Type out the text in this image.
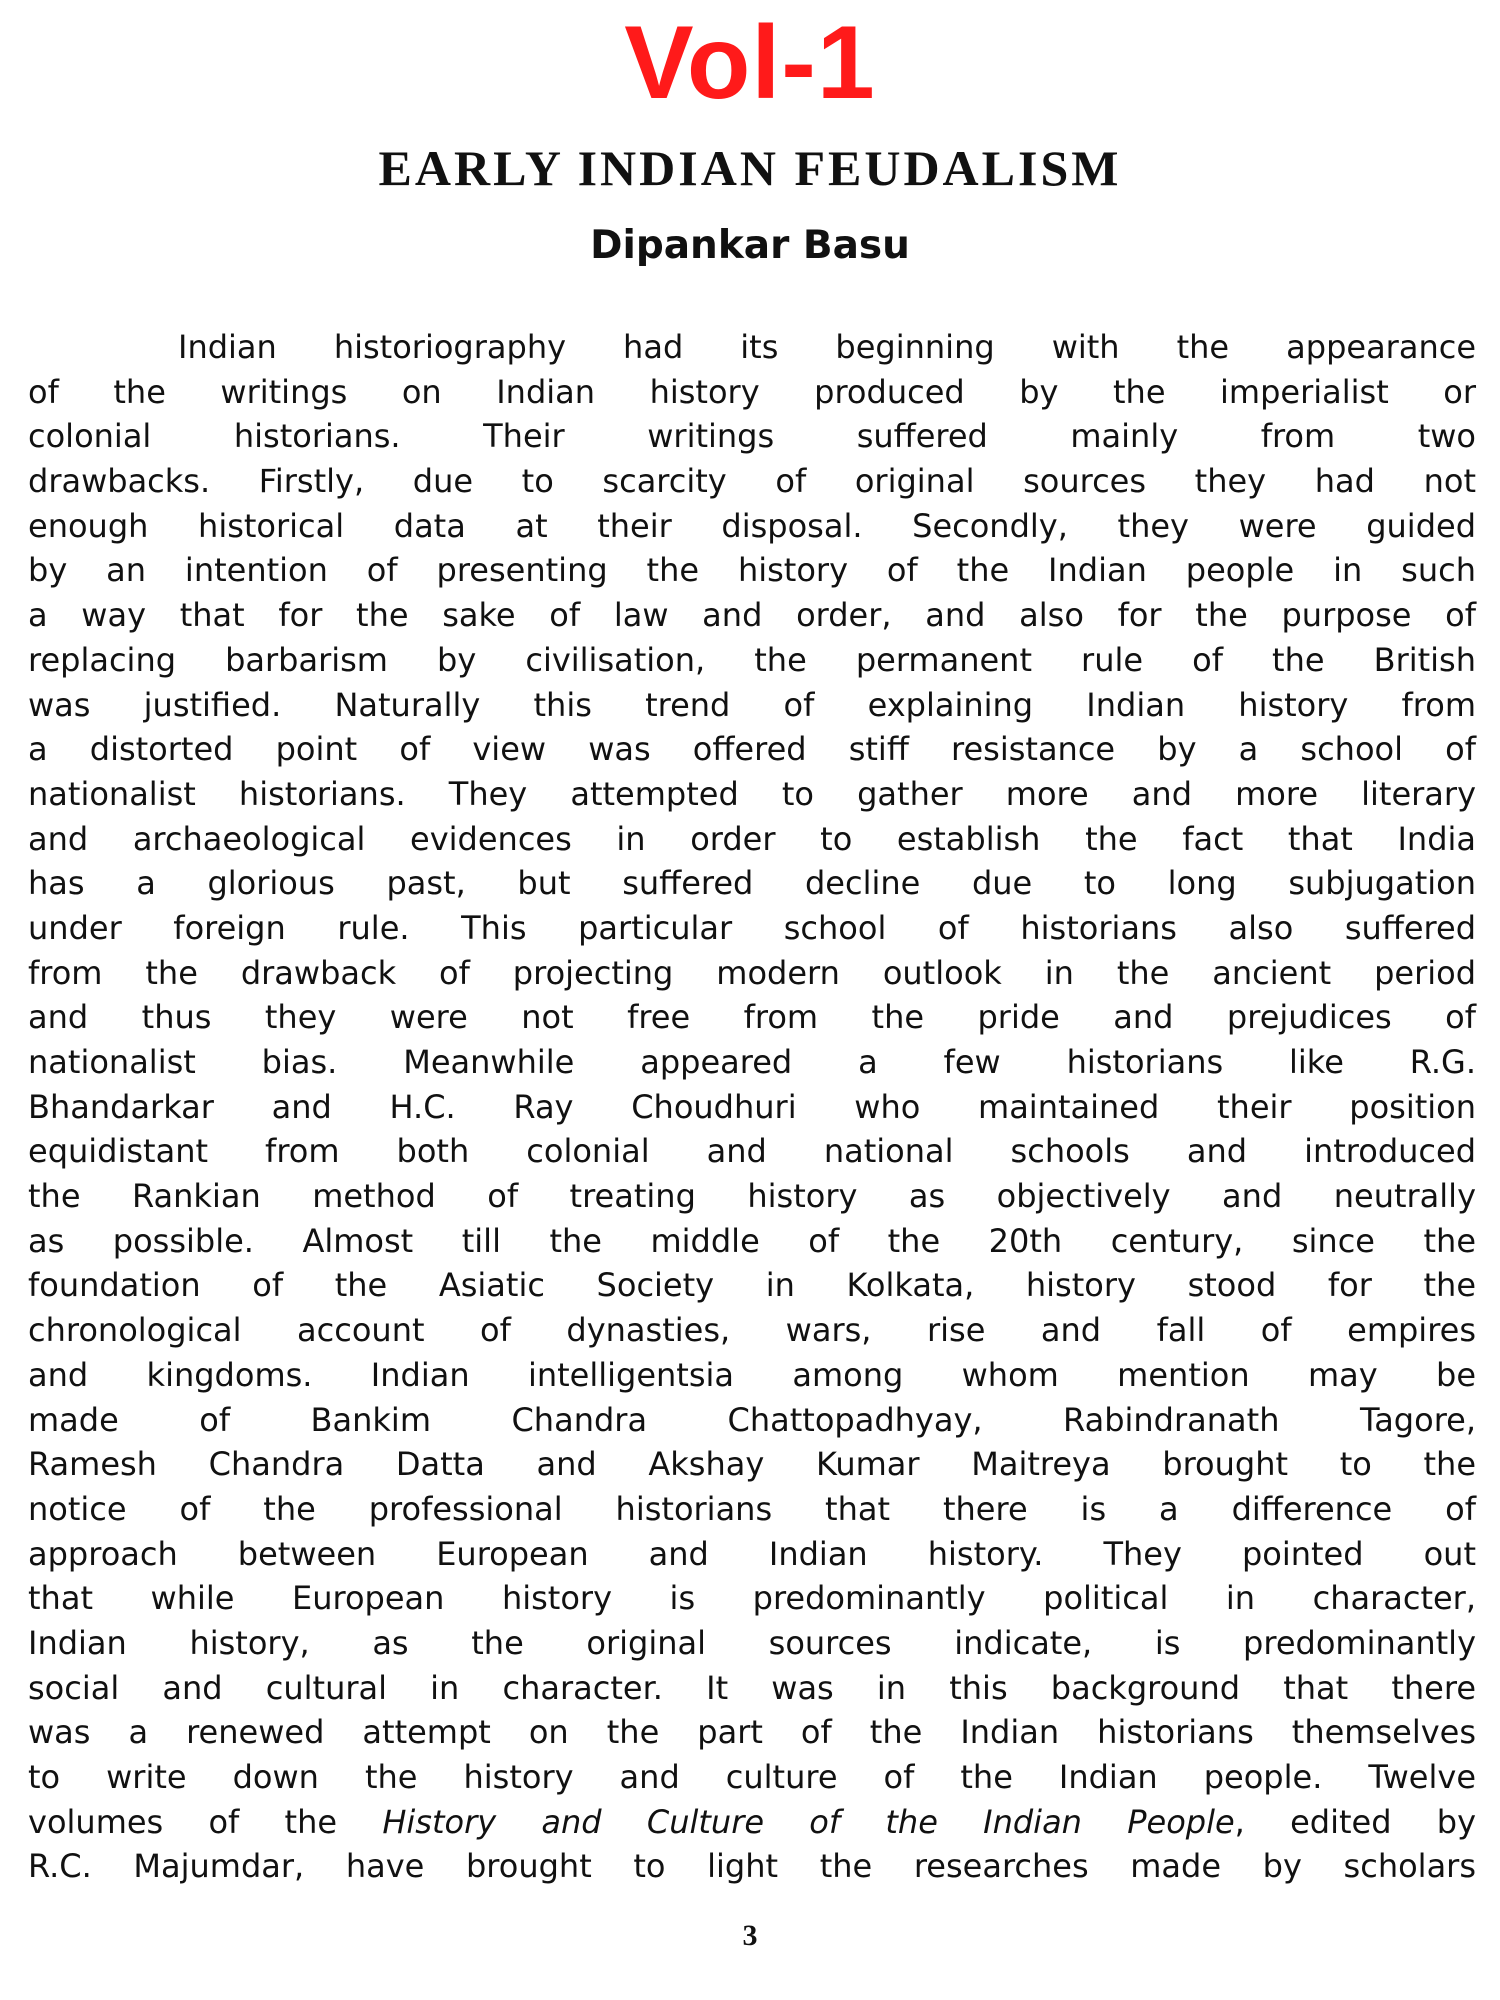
Vol-1
EARLY INDIAN FEUDALISM
Dipankar Basu
Indian historiography had its beginning with the appearance
of the writings on Indian history produced by the imperialist or
colonial historians. Their writings suffered mainly from two
drawbacks. Firstly, due to scarcity of original sources they had not
enough historical data at their disposal. Secondly, they were guided
by an intention of presenting the history of the Indian people in such
a way that for the sake of law and order, and also for the purpose of
replacing barbarism by civilisation, the permanent rule of the British
was justified. Naturally this trend of explaining Indian history from
a distorted point of view was offered stiff resistance by a school of
nationalist historians. They attempted to gather more and more literary
and archaeological evidences in order to establish the fact that India
has a glorious past, but suffered decline due to long subjugation
under foreign rule. This particular school of historians also suffered
from the drawback of projecting modern outlook in the ancient period
and thus they were not free from the pride and prejudices of
nationalist bias. Meanwhile appeared a few historians like R.G.
Bhandarkar and H.C. Ray Choudhuri who maintained their position
equidistant from both colonial and national schools and introduced
the Rankian method of treating history as objectively and neutrally
as possible. Almost till the middle of the 20th century, since the
foundation of the Asiatic Society in Kolkata, history stood for the
chronological account of dynasties, wars, rise and fall of empires
and kingdoms. Indian intelligentsia among whom mention may be
made of Bankim Chandra Chattopadhyay, Rabindranath Tagore,
Ramesh Chandra Datta and Akshay Kumar Maitreya brought to the
notice of the professional historians that there is a difference of
approach between European and Indian history. They pointed out
that while European history is predominantly political in character,
Indian history, as the original sources indicate, is predominantly
social and cultural in character. It was in this background that there
was a renewed attempt on the part of the Indian historians themselves
to write down the history and culture of the Indian people. Twelve
volumes of the History and Culture of the Indian People, edited by
R.C. Majumdar, have brought to light the researches made by scholars
3
